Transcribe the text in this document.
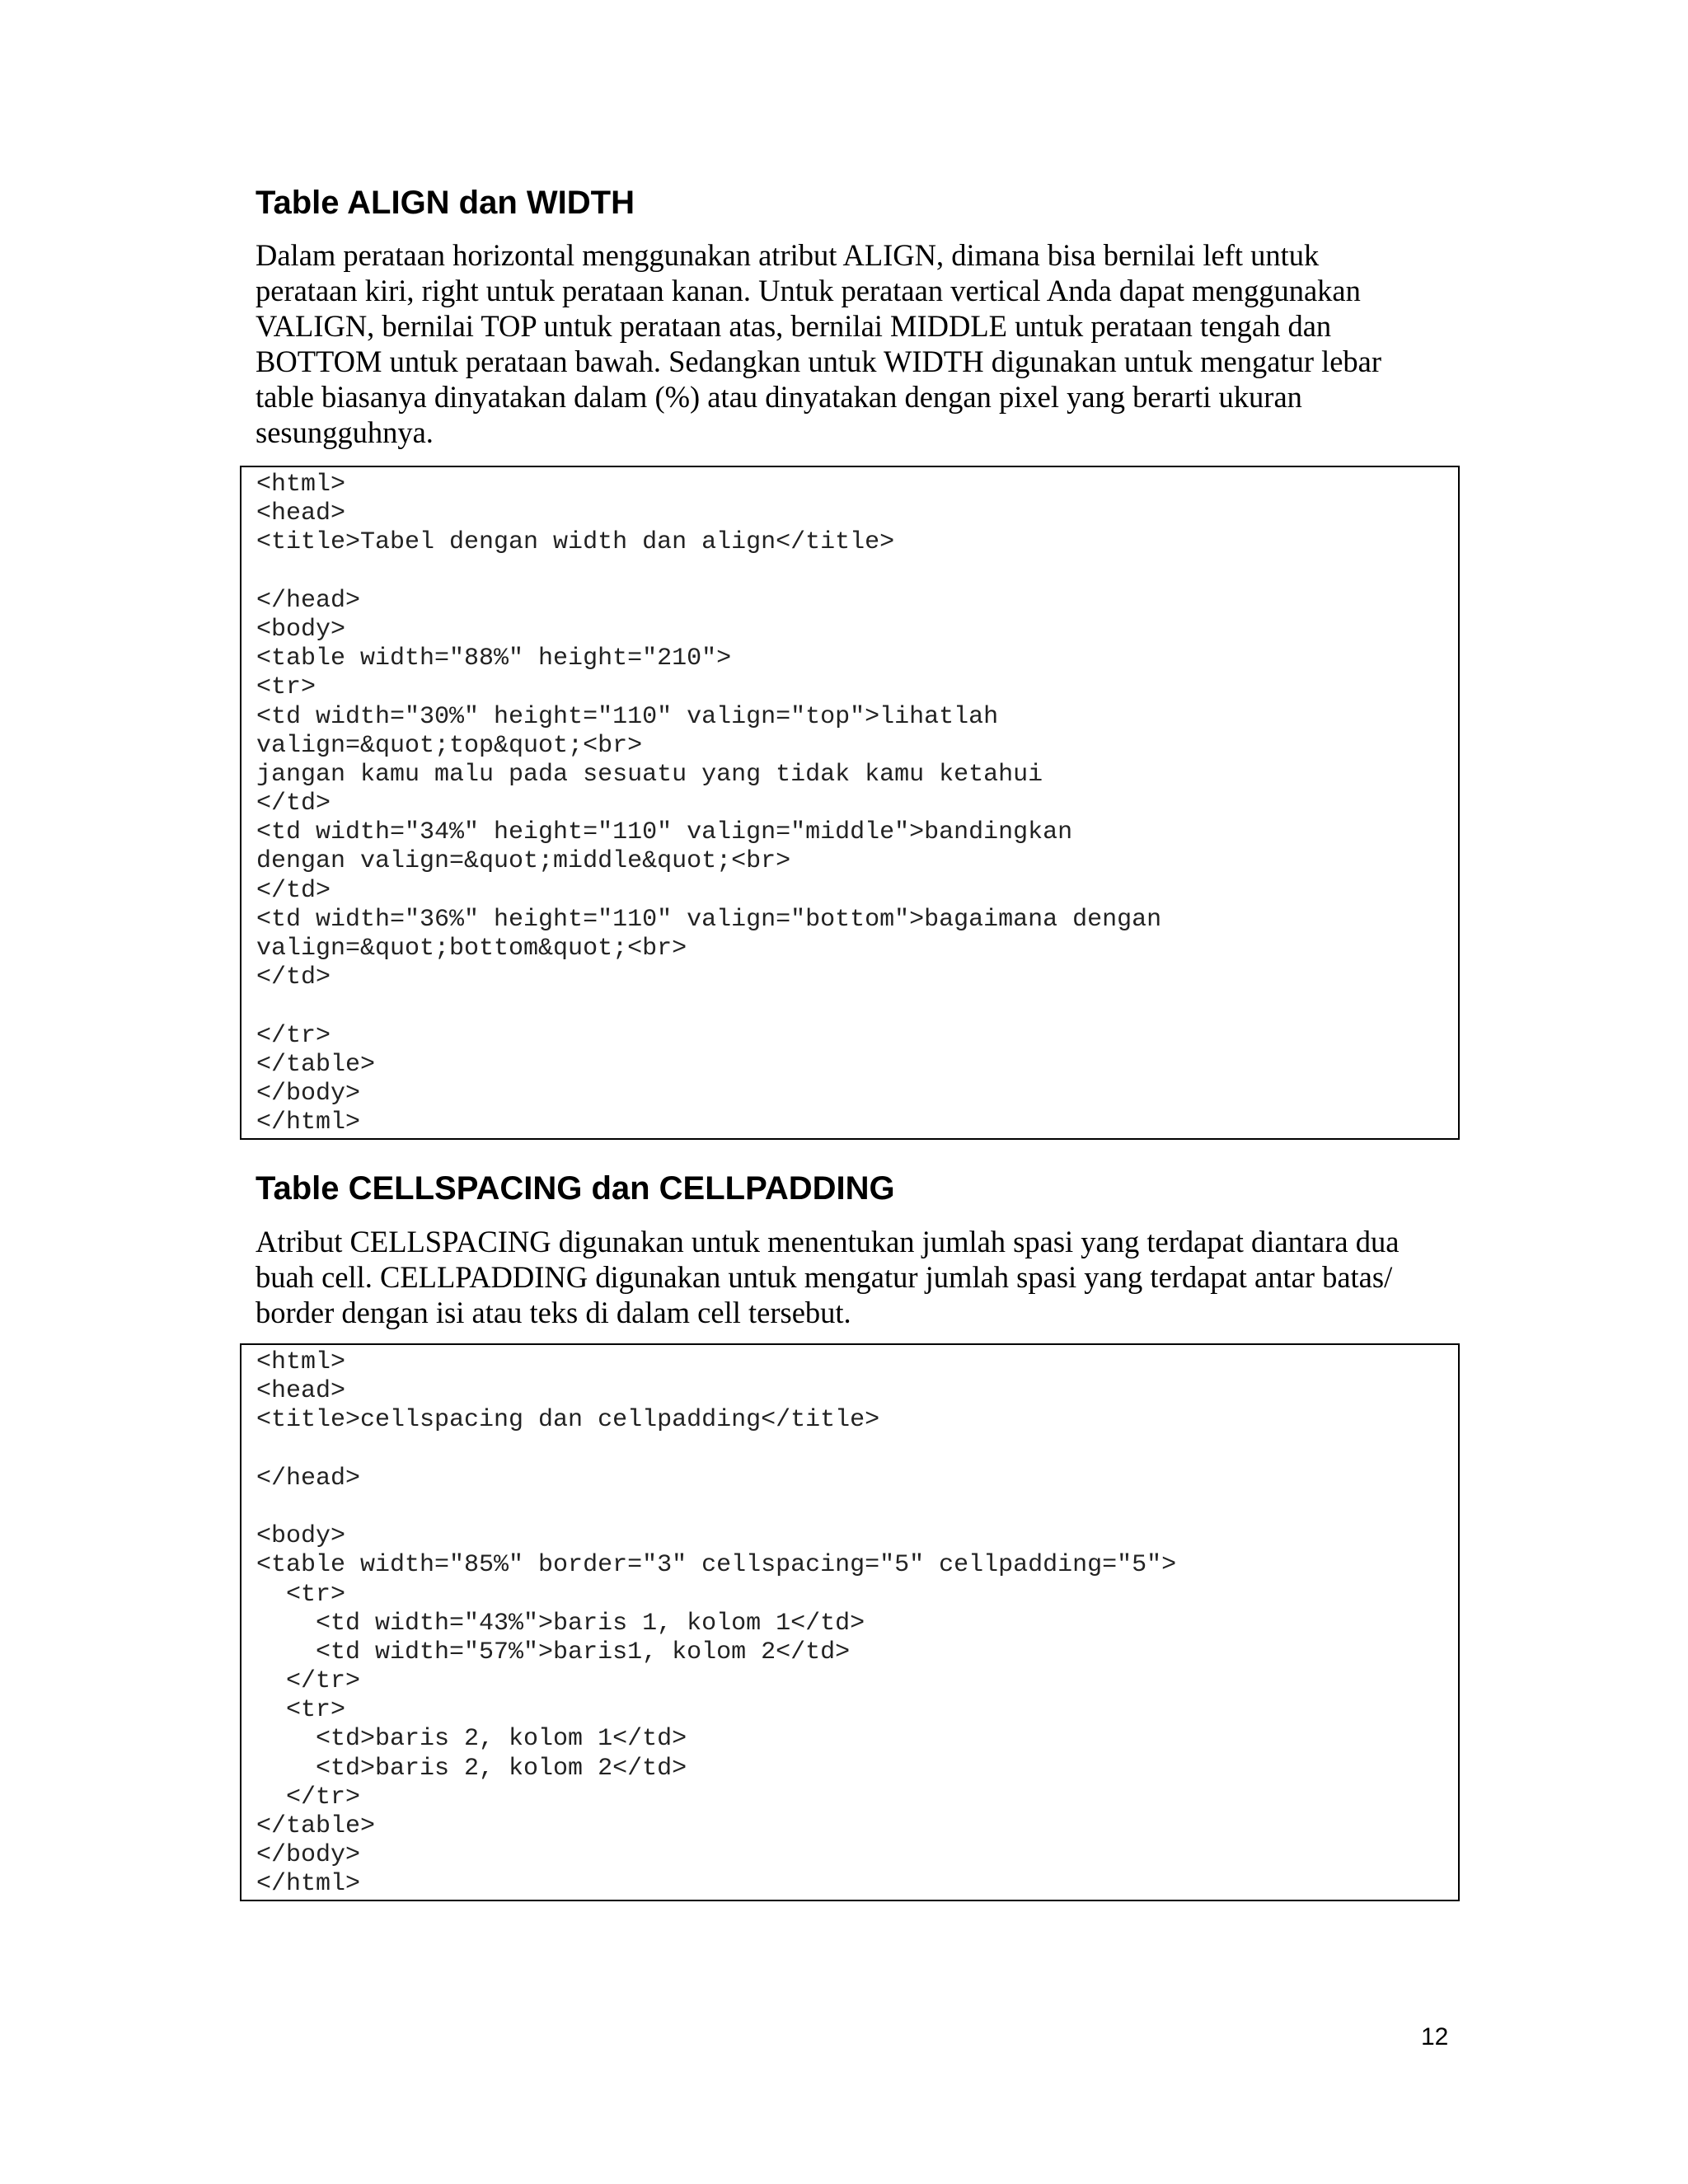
Table ALIGN dan WIDTH
Dalam perataan horizontal menggunakan atribut ALIGN, dimana bisa bernilai left untuk
perataan kiri, right untuk perataan kanan. Untuk perataan vertical Anda dapat menggunakan
VALIGN, bernilai TOP untuk perataan atas, bernilai MIDDLE untuk perataan tengah dan
BOTTOM untuk perataan bawah. Sedangkan untuk WIDTH digunakan untuk mengatur lebar
table biasanya dinyatakan dalam (%) atau dinyatakan dengan pixel yang berarti ukuran
sesungguhnya.
<html>
<head>
<title>Tabel dengan width dan align</title>
</head>
<body>
<table width="88%" height="210">
<tr>
<td width="30%" height="110" valign="top">lihatlah
valign=&quot;top&quot;<br>
jangan kamu malu pada sesuatu yang tidak kamu ketahui
</td>
<td width="34%" height="110" valign="middle">bandingkan
dengan valign=&quot;middle&quot;<br>
</td>
<td width="36%" height="110" valign="bottom">bagaimana dengan
valign=&quot;bottom&quot;<br>
</td>
</tr>
</table>
</body>
</html>
Table CELLSPACING dan CELLPADDING
Atribut CELLSPACING digunakan untuk menentukan jumlah spasi yang terdapat diantara dua
buah cell. CELLPADDING digunakan untuk mengatur jumlah spasi yang terdapat antar batas/
border dengan isi atau teks di dalam cell tersebut.
<html>
<head>
<title>cellspacing dan cellpadding</title>
</head>
<body>
<table width="85%" border="3" cellspacing="5" cellpadding="5">
<tr>
<td width="43%">baris 1, kolom 1</td>
<td width="57%">baris1, kolom 2</td>
</tr>
<tr>
<td>baris 2, kolom 1</td>
<td>baris 2, kolom 2</td>
</tr>
</table>
</body>
</html>
12
